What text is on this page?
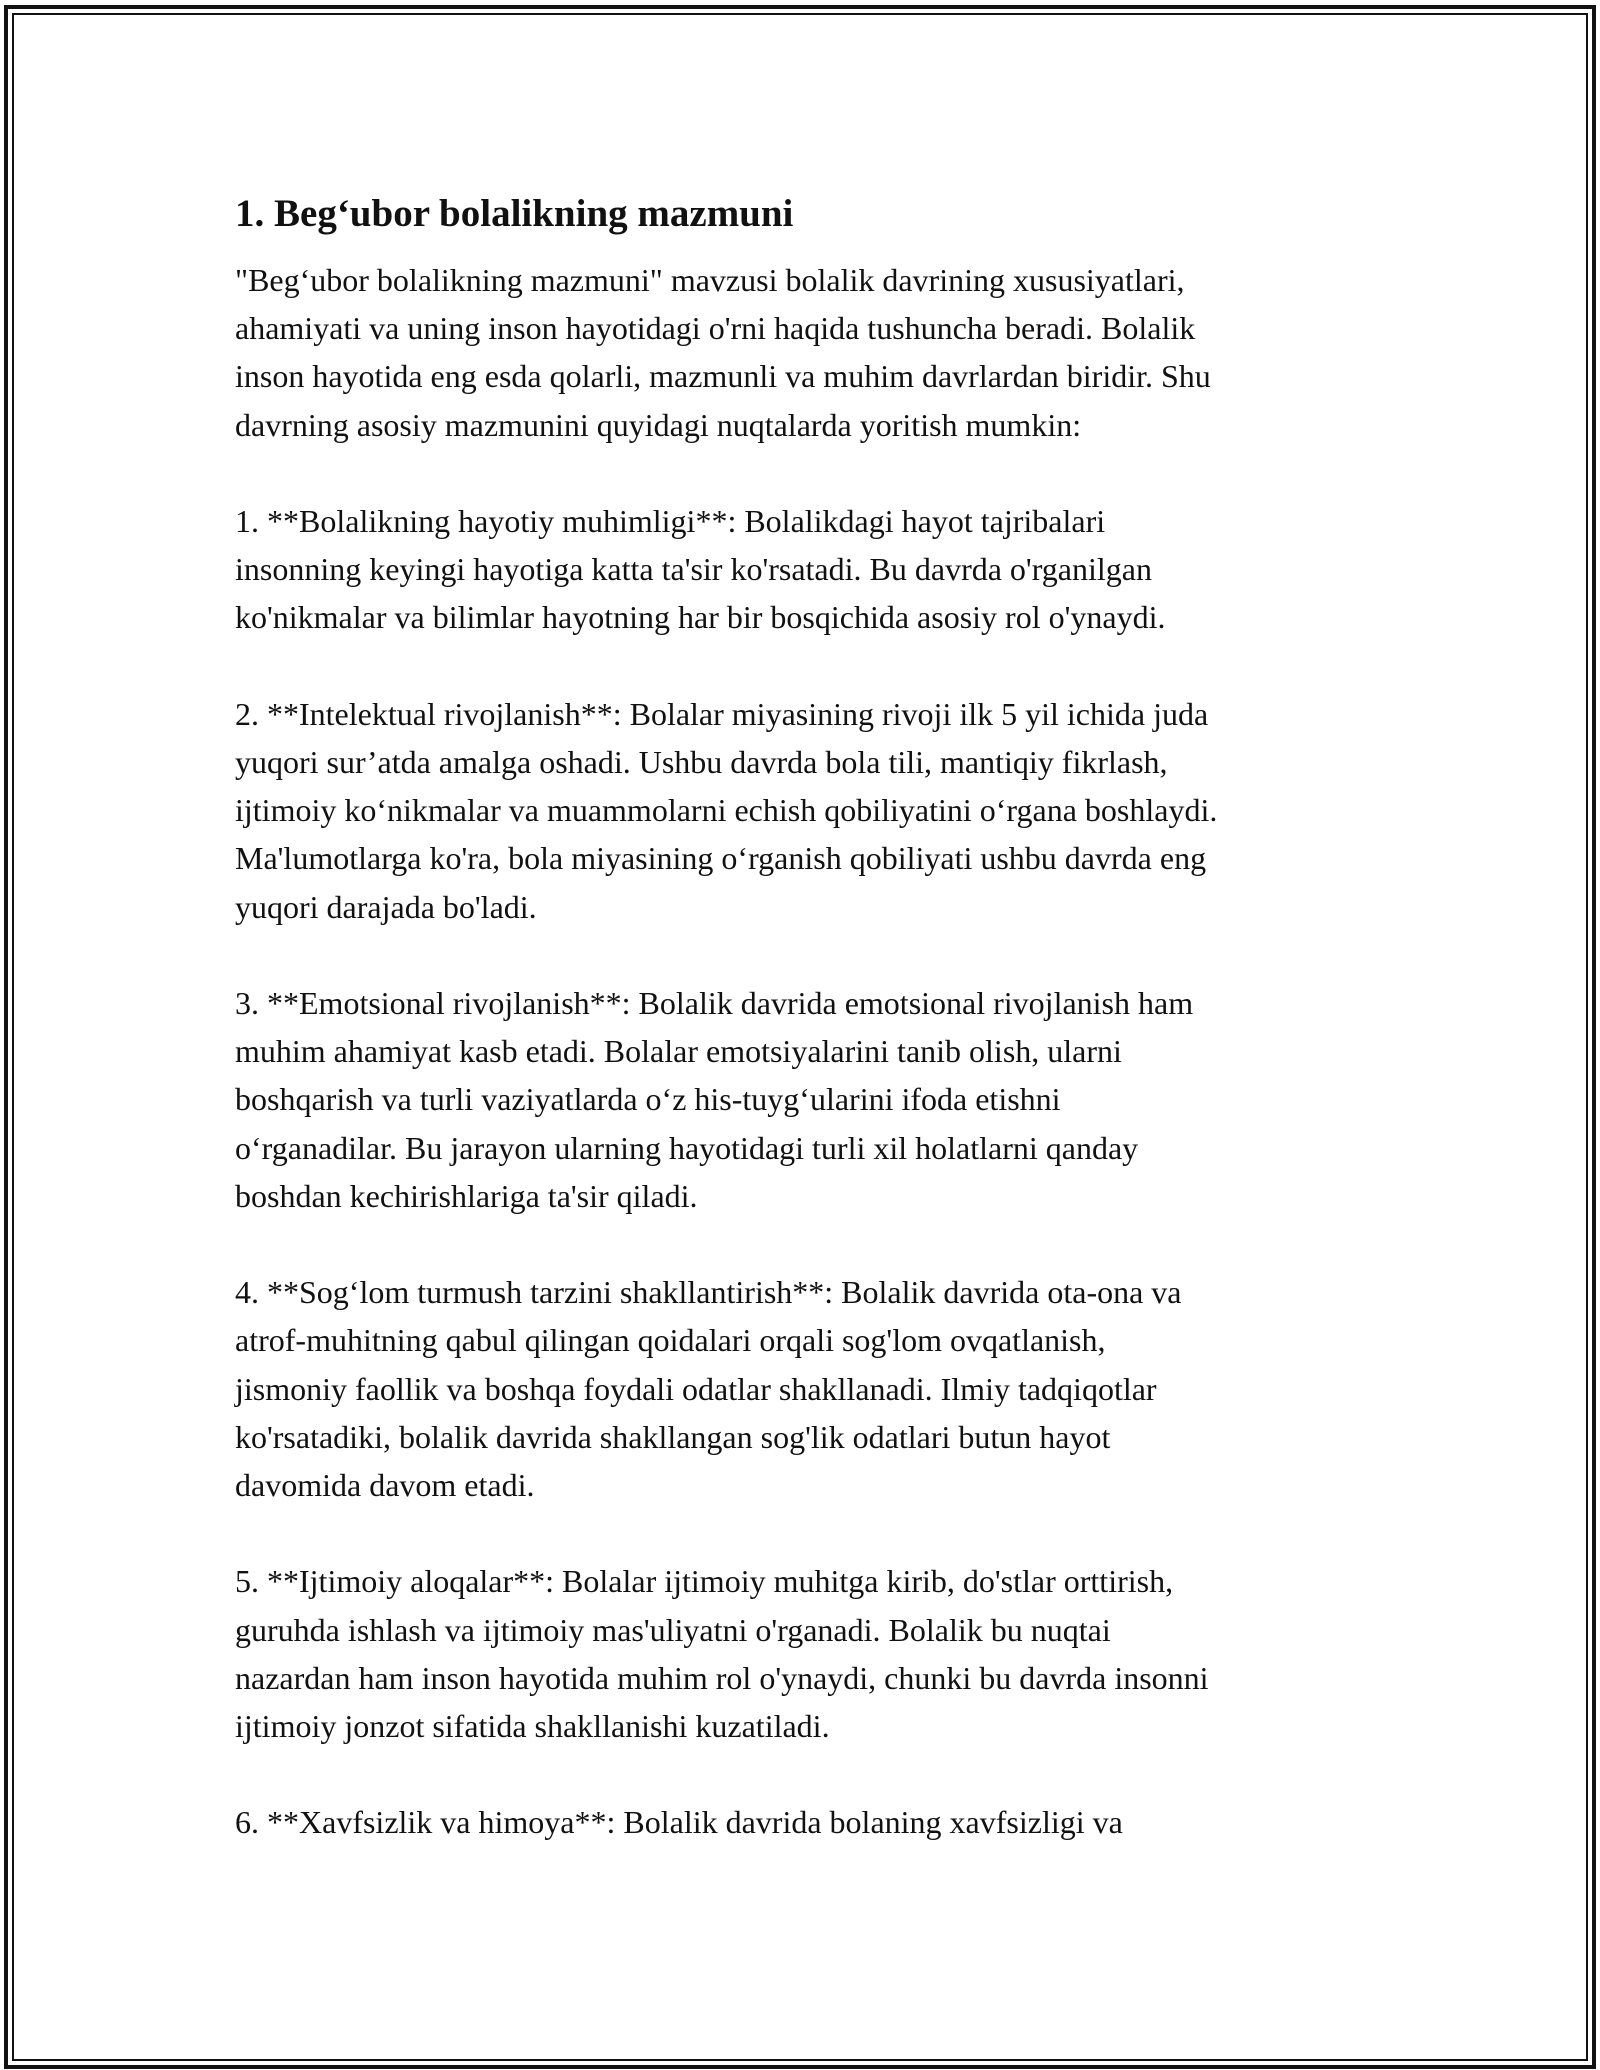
1. Beg‘ubor bolalikning mazmuni
"Beg‘ubor bolalikning mazmuni" mavzusi bolalik davrining xususiyatlari,
ahamiyati va uning inson hayotidagi o'rni haqida tushuncha beradi. Bolalik
inson hayotida eng esda qolarli, mazmunli va muhim davrlardan biridir. Shu
davrning asosiy mazmunini quyidagi nuqtalarda yoritish mumkin:
1. **Bolalikning hayotiy muhimligi**: Bolalikdagi hayot tajribalari
insonning keyingi hayotiga katta ta'sir ko'rsatadi. Bu davrda o'rganilgan
ko'nikmalar va bilimlar hayotning har bir bosqichida asosiy rol o'ynaydi.
2. **Intelektual rivojlanish**: Bolalar miyasining rivoji ilk 5 yil ichida juda
yuqori sur’atda amalga oshadi. Ushbu davrda bola tili, mantiqiy fikrlash,
ijtimoiy ko‘nikmalar va muammolarni echish qobiliyatini o‘rgana boshlaydi.
Ma'lumotlarga ko'ra, bola miyasining o‘rganish qobiliyati ushbu davrda eng
yuqori darajada bo'ladi.
3. **Emotsional rivojlanish**: Bolalik davrida emotsional rivojlanish ham
muhim ahamiyat kasb etadi. Bolalar emotsiyalarini tanib olish, ularni
boshqarish va turli vaziyatlarda o‘z his-tuyg‘ularini ifoda etishni
o‘rganadilar. Bu jarayon ularning hayotidagi turli xil holatlarni qanday
boshdan kechirishlariga ta'sir qiladi.
4. **Sog‘lom turmush tarzini shakllantirish**: Bolalik davrida ota-ona va
atrof-muhitning qabul qilingan qoidalari orqali sog'lom ovqatlanish,
jismoniy faollik va boshqa foydali odatlar shakllanadi. Ilmiy tadqiqotlar
ko'rsatadiki, bolalik davrida shakllangan sog'lik odatlari butun hayot
davomida davom etadi.
5. **Ijtimoiy aloqalar**: Bolalar ijtimoiy muhitga kirib, do'stlar orttirish,
guruhda ishlash va ijtimoiy mas'uliyatni o'rganadi. Bolalik bu nuqtai
nazardan ham inson hayotida muhim rol o'ynaydi, chunki bu davrda insonni
ijtimoiy jonzot sifatida shakllanishi kuzatiladi.
6. **Xavfsizlik va himoya**: Bolalik davrida bolaning xavfsizligi va
